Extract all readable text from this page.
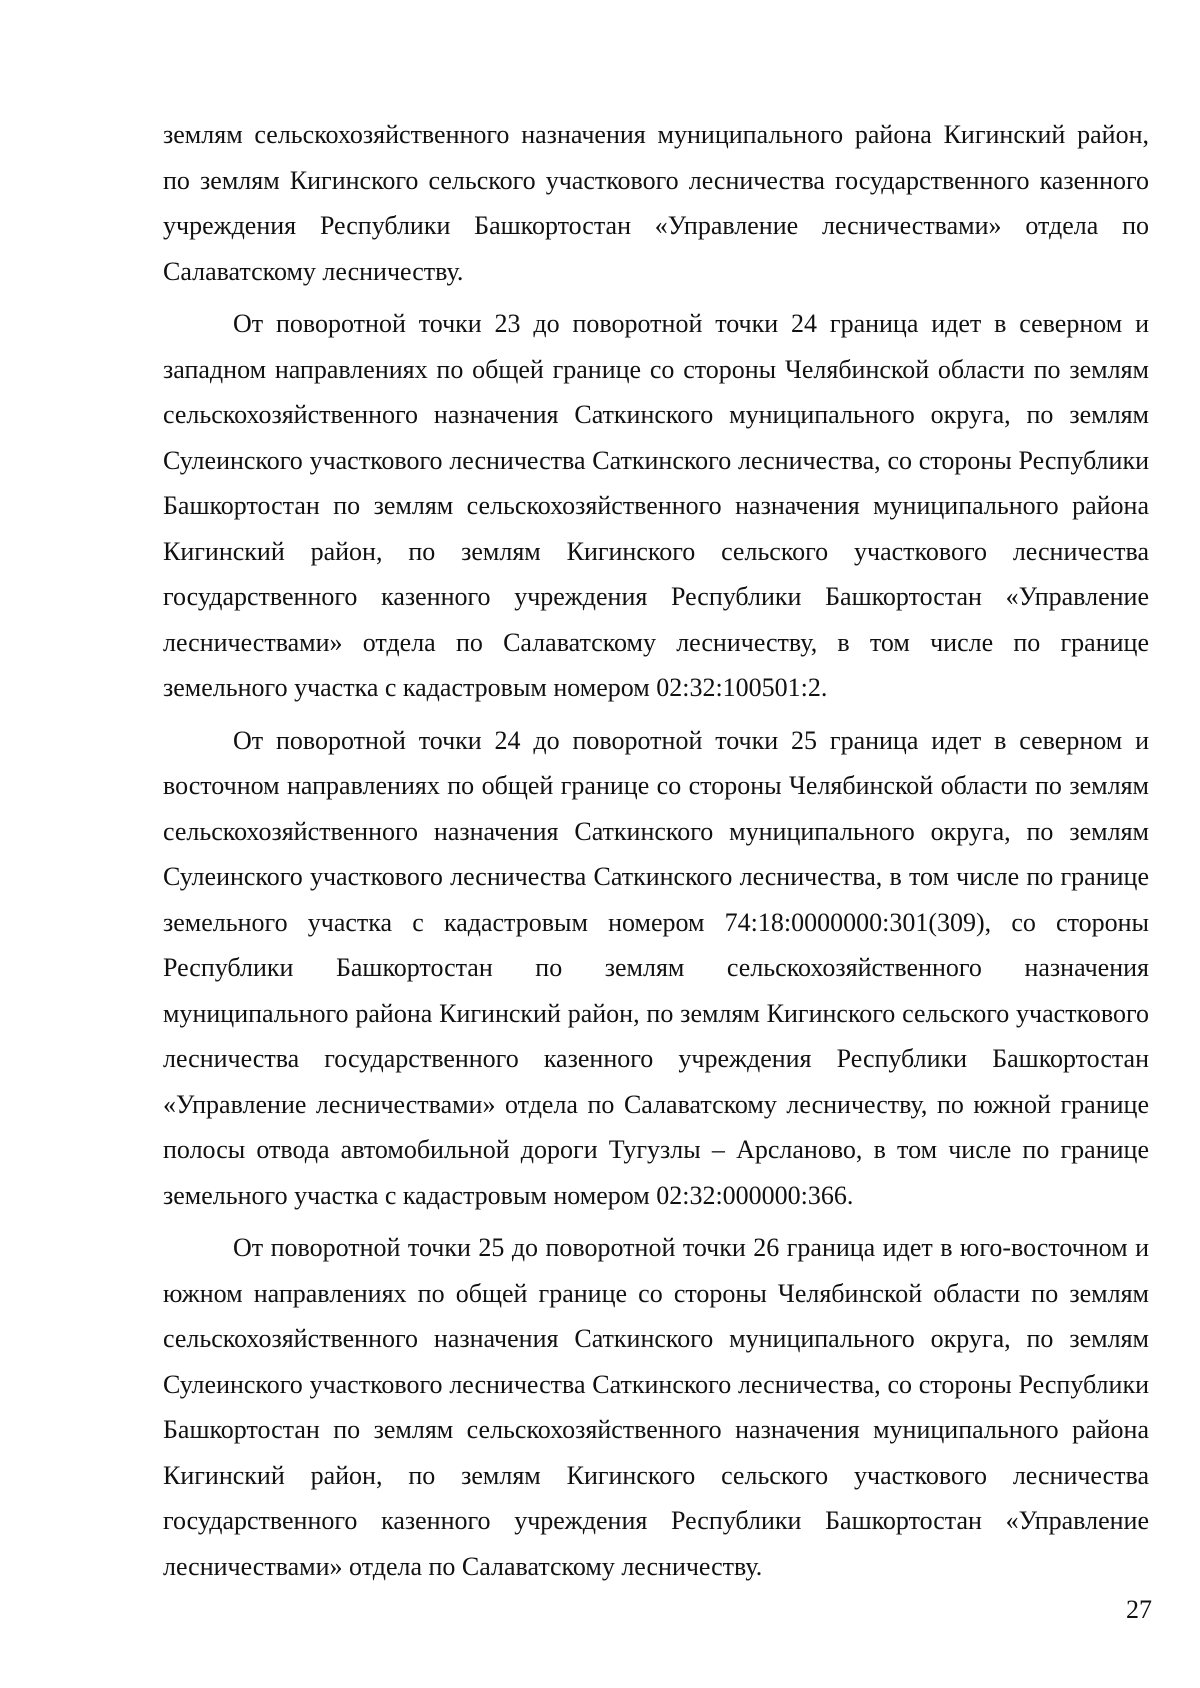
землям сельскохозяйственного назначения муниципального района Кигинский район, по землям Кигинского сельского участкового лесничества государственного казенного учреждения Республики Башкортостан «Управление лесничествами» отдела по Салаватскому лесничеству.

От поворотной точки 23 до поворотной точки 24 граница идет в северном и западном направлениях по общей границе со стороны Челябинской области по землям сельскохозяйственного назначения Саткинского муниципального округа, по землям Сулеинского участкового лесничества Саткинского лесничества, со стороны Республики Башкортостан по землям сельскохозяйственного назначения муниципального района Кигинский район, по землям Кигинского сельского участкового лесничества государственного казенного учреждения Республики Башкортостан «Управление лесничествами» отдела по Салаватскому лесничеству, в том числе по границе земельного участка с кадастровым номером 02:32:100501:2.

От поворотной точки 24 до поворотной точки 25 граница идет в северном и восточном направлениях по общей границе со стороны Челябинской области по землям сельскохозяйственного назначения Саткинского муниципального округа, по землям Сулеинского участкового лесничества Саткинского лесничества, в том числе по границе земельного участка с кадастровым номером 74:18:0000000:301(309), со стороны Республики Башкортостан по землям сельскохозяйственного назначения муниципального района Кигинский район, по землям Кигинского сельского участкового лесничества государственного казенного учреждения Республики Башкортостан «Управление лесничествами» отдела по Салаватскому лесничеству, по южной границе полосы отвода автомобильной дороги Тугузлы – Арсланово, в том числе по границе земельного участка с кадастровым номером 02:32:000000:366.

От поворотной точки 25 до поворотной точки 26 граница идет в юго-восточном и южном направлениях по общей границе со стороны Челябинской области по землям сельскохозяйственного назначения Саткинского муниципального округа, по землям Сулеинского участкового лесничества Саткинского лесничества, со стороны Республики Башкортостан по землям сельскохозяйственного назначения муниципального района Кигинский район, по землям Кигинского сельского участкового лесничества государственного казенного учреждения Республики Башкортостан «Управление лесничествами» отдела по Салаватскому лесничеству.

27
